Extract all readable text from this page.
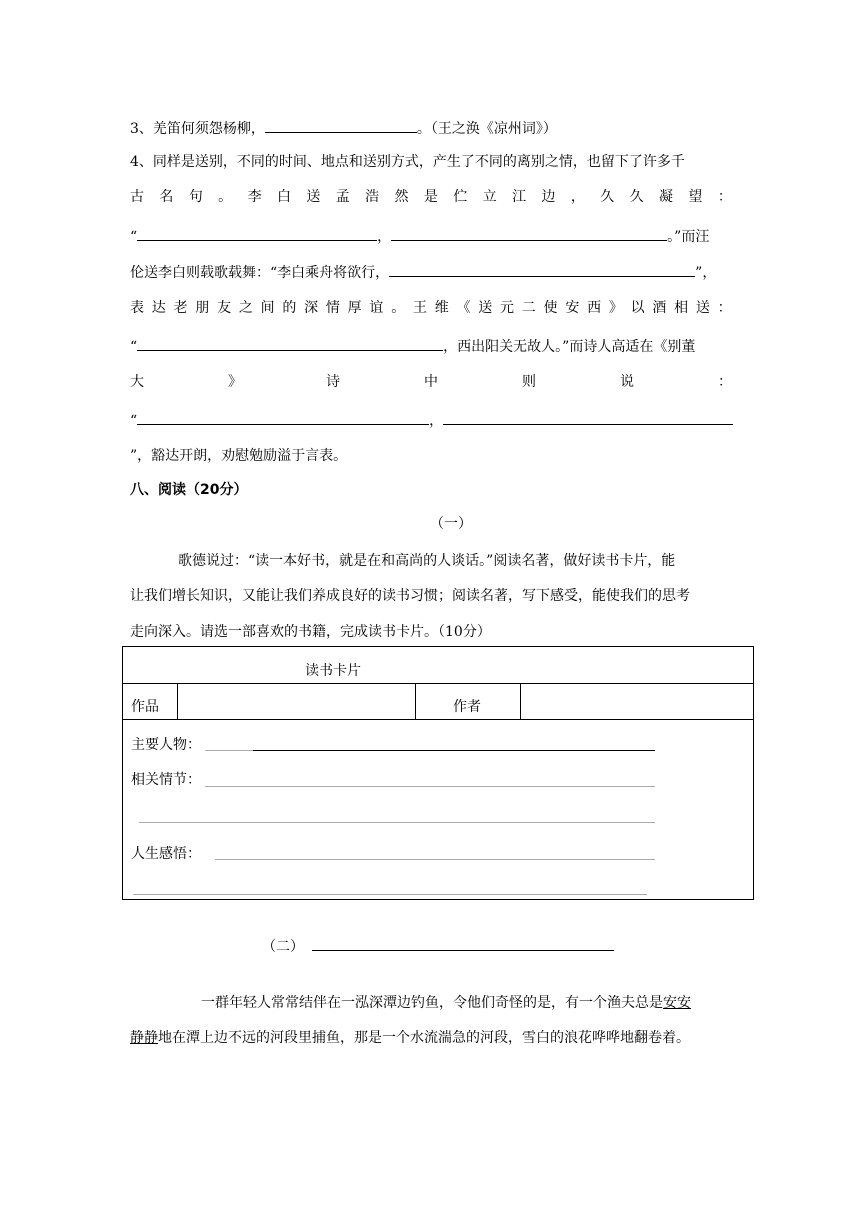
3、羌笛何须怨杨柳，	。（王之涣《凉州词》）
4、同样是送别，不同的时间、地点和送别方式，产生了不同的离别之情，也留下了许多千
古 名 句 。 李 白 送 孟 浩 然 是 伫 立 江 边 ， 久 久 凝 望 ：
“	，	。”而汪
伦送李白则载歌载舞：“李白乘舟将欲行，	”，
表 达 老 朋 友 之 间 的 深 情 厚 谊 。 王 维 《 送 元 二 使 安 西 》 以 酒 相 送 ：
“	，西出阳关无故人。”而诗人高适在《别董
大	》	诗	中	则	说	：
“	，
”，豁达开朗，劝慰勉励溢于言表。
八、阅读（20分）
（一）
歌德说过：“读一本好书，就是在和高尚的人谈话。”阅读名著，做好读书卡片，能
让我们增长知识，又能让我们养成良好的读书习惯；阅读名著，写下感受，能使我们的思考
走向深入。请选一部喜欢的书籍，完成读书卡片。（10分）
读书卡片
作品	作者
主要人物：
相关情节：
人生感悟：
（二）
一群年轻人常常结伴在一泓深潭边钓鱼，令他们奇怪的是，有一个渔夫总是安安
静静地在潭上边不远的河段里捕鱼，那是一个水流湍急的河段，雪白的浪花哗哗地翻卷着。
